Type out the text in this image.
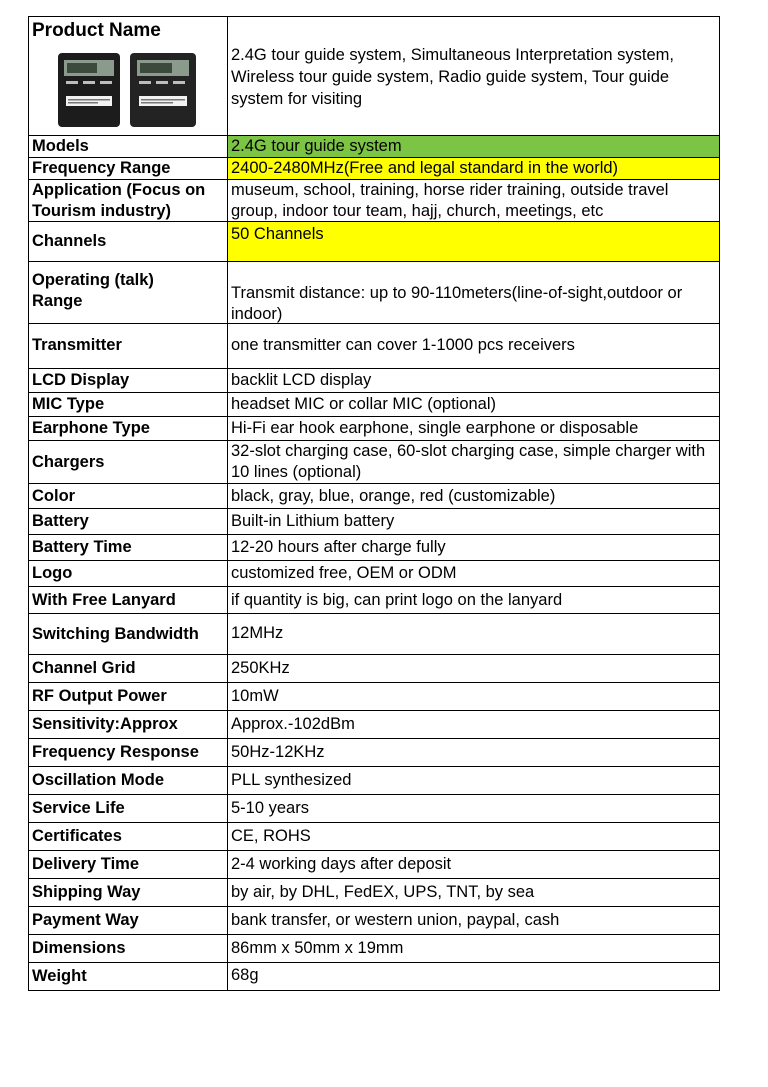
Product Name	2.4G tour guide system, Simultaneous Interpretation system, Wireless tour guide system, Radio guide system, Tour guide system for visiting

Models	2.4G tour guide system
Frequency Range	2400-2480MHz(Free and legal standard in the world)

Application (Focus on Tourism industry)	museum, school, training, horse rider training, outside travel group, indoor tour team, hajj, church, meetings, etc

Channels	50 Channels

Operating (talk) Range	Transmit distance: up to 90-110meters(line-of-sight,outdoor or indoor)

Transmitter	one transmitter can cover 1-1000 pcs receivers
LCD Display	backlit LCD display
MIC Type	headset MIC or collar MIC (optional)
Earphone Type	Hi-Fi ear hook earphone, single earphone or disposable
Chargers	32-slot charging case, 60-slot charging case, simple charger with 10 lines (optional)

Color	black, gray, blue, orange, red (customizable)
Battery	Built-in Lithium battery
Battery Time	12-20 hours after charge fully
Logo	customized free, OEM or ODM
With Free Lanyard	if quantity is big, can print logo on the lanyard
Switching Bandwidth	12MHz
Channel Grid	250KHz
RF Output Power	10mW
Sensitivity:Approx	Approx.-102dBm
Frequency Response	50Hz-12KHz
Oscillation Mode	PLL synthesized
Service Life	5-10 years
Certificates	CE, ROHS
Delivery Time	2-4 working days after deposit
Shipping Way	by air, by DHL, FedEX, UPS, TNT, by sea
Payment Way	bank transfer, or western union, paypal, cash
Dimensions	86mm x 50mm x 19mm
Weight	68g
